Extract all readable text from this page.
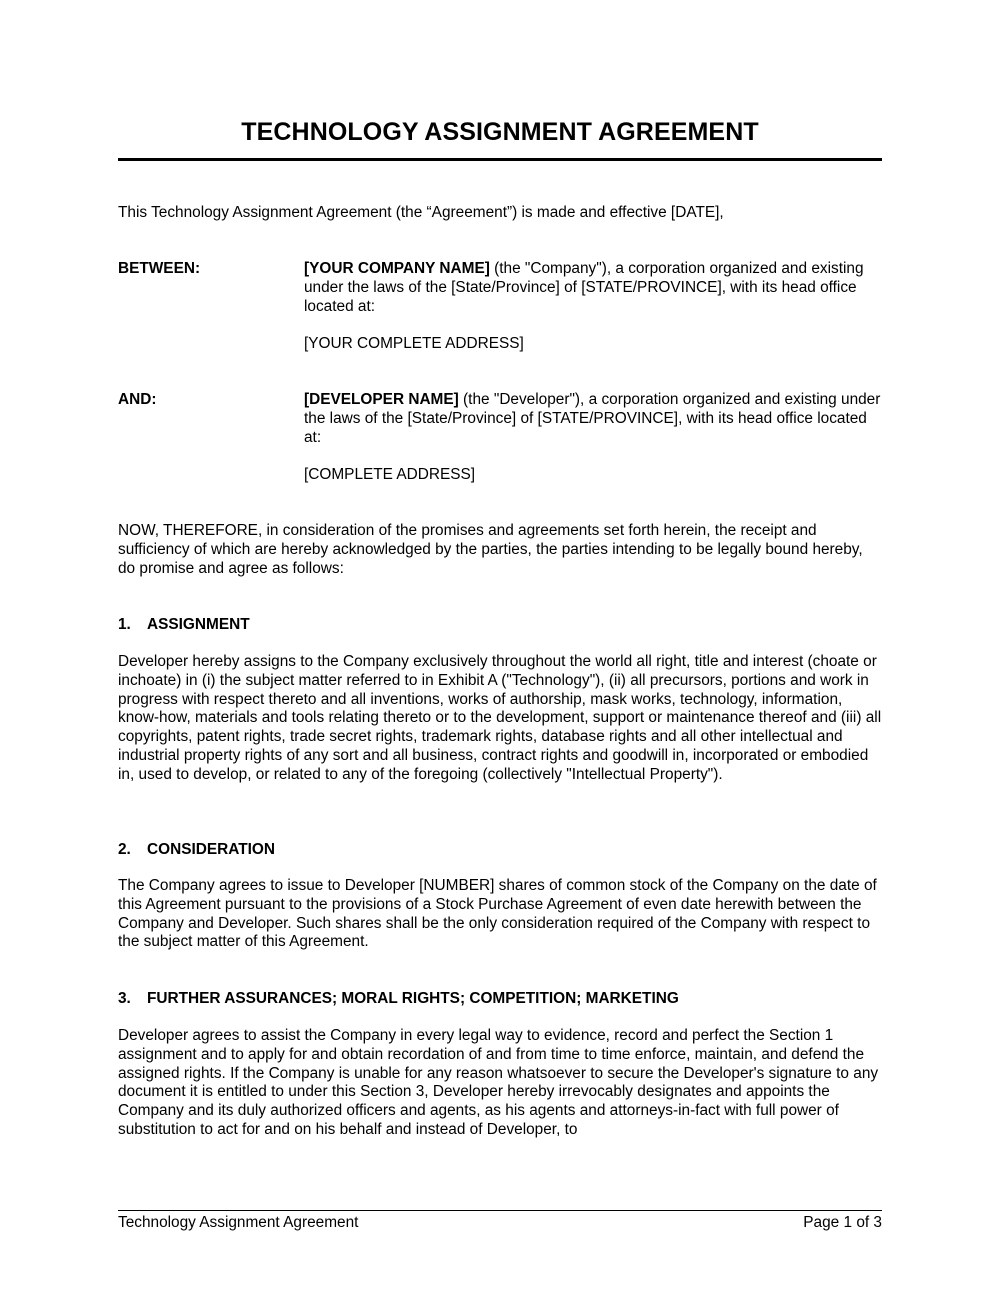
TECHNOLOGY ASSIGNMENT AGREEMENT

This Technology Assignment Agreement (the “Agreement”) is made and effective [DATE],

BETWEEN:	[YOUR COMPANY NAME] (the "Company"), a corporation organized and existing under the laws of the [State/Province] of [STATE/PROVINCE], with its head office located at:

[YOUR COMPLETE ADDRESS]

AND:	[DEVELOPER NAME] (the "Developer"), a corporation organized and existing under the laws of the [State/Province] of [STATE/PROVINCE], with its head office located at:

[COMPLETE ADDRESS]

NOW, THEREFORE, in consideration of the promises and agreements set forth herein, the receipt and sufficiency of which are hereby acknowledged by the parties, the parties intending to be legally bound hereby, do promise and agree as follows:

1. ASSIGNMENT

Developer hereby assigns to the Company exclusively throughout the world all right, title and interest (choate or inchoate) in (i) the subject matter referred to in Exhibit A ("Technology"), (ii) all precursors, portions and work in progress with respect thereto and all inventions, works of authorship, mask works, technology, information, know-how, materials and tools relating thereto or to the development, support or maintenance thereof and (iii) all copyrights, patent rights, trade secret rights, trademark rights, database rights and all other intellectual and industrial property rights of any sort and all business, contract rights and goodwill in, incorporated or embodied in, used to develop, or related to any of the foregoing (collectively "Intellectual Property").

2. CONSIDERATION

The Company agrees to issue to Developer [NUMBER] shares of common stock of the Company on the date of this Agreement pursuant to the provisions of a Stock Purchase Agreement of even date herewith between the Company and Developer. Such shares shall be the only consideration required of the Company with respect to the subject matter of this Agreement.

3. FURTHER ASSURANCES; MORAL RIGHTS; COMPETITION; MARKETING

Developer agrees to assist the Company in every legal way to evidence, record and perfect the Section 1 assignment and to apply for and obtain recordation of and from time to time enforce, maintain, and defend the assigned rights. If the Company is unable for any reason whatsoever to secure the Developer's signature to any document it is entitled to under this Section 3, Developer hereby irrevocably designates and appoints the Company and its duly authorized officers and agents, as his agents and attorneys-in-fact with full power of substitution to act for and on his behalf and instead of Developer, to

Technology Assignment Agreement	Page 1 of 3
